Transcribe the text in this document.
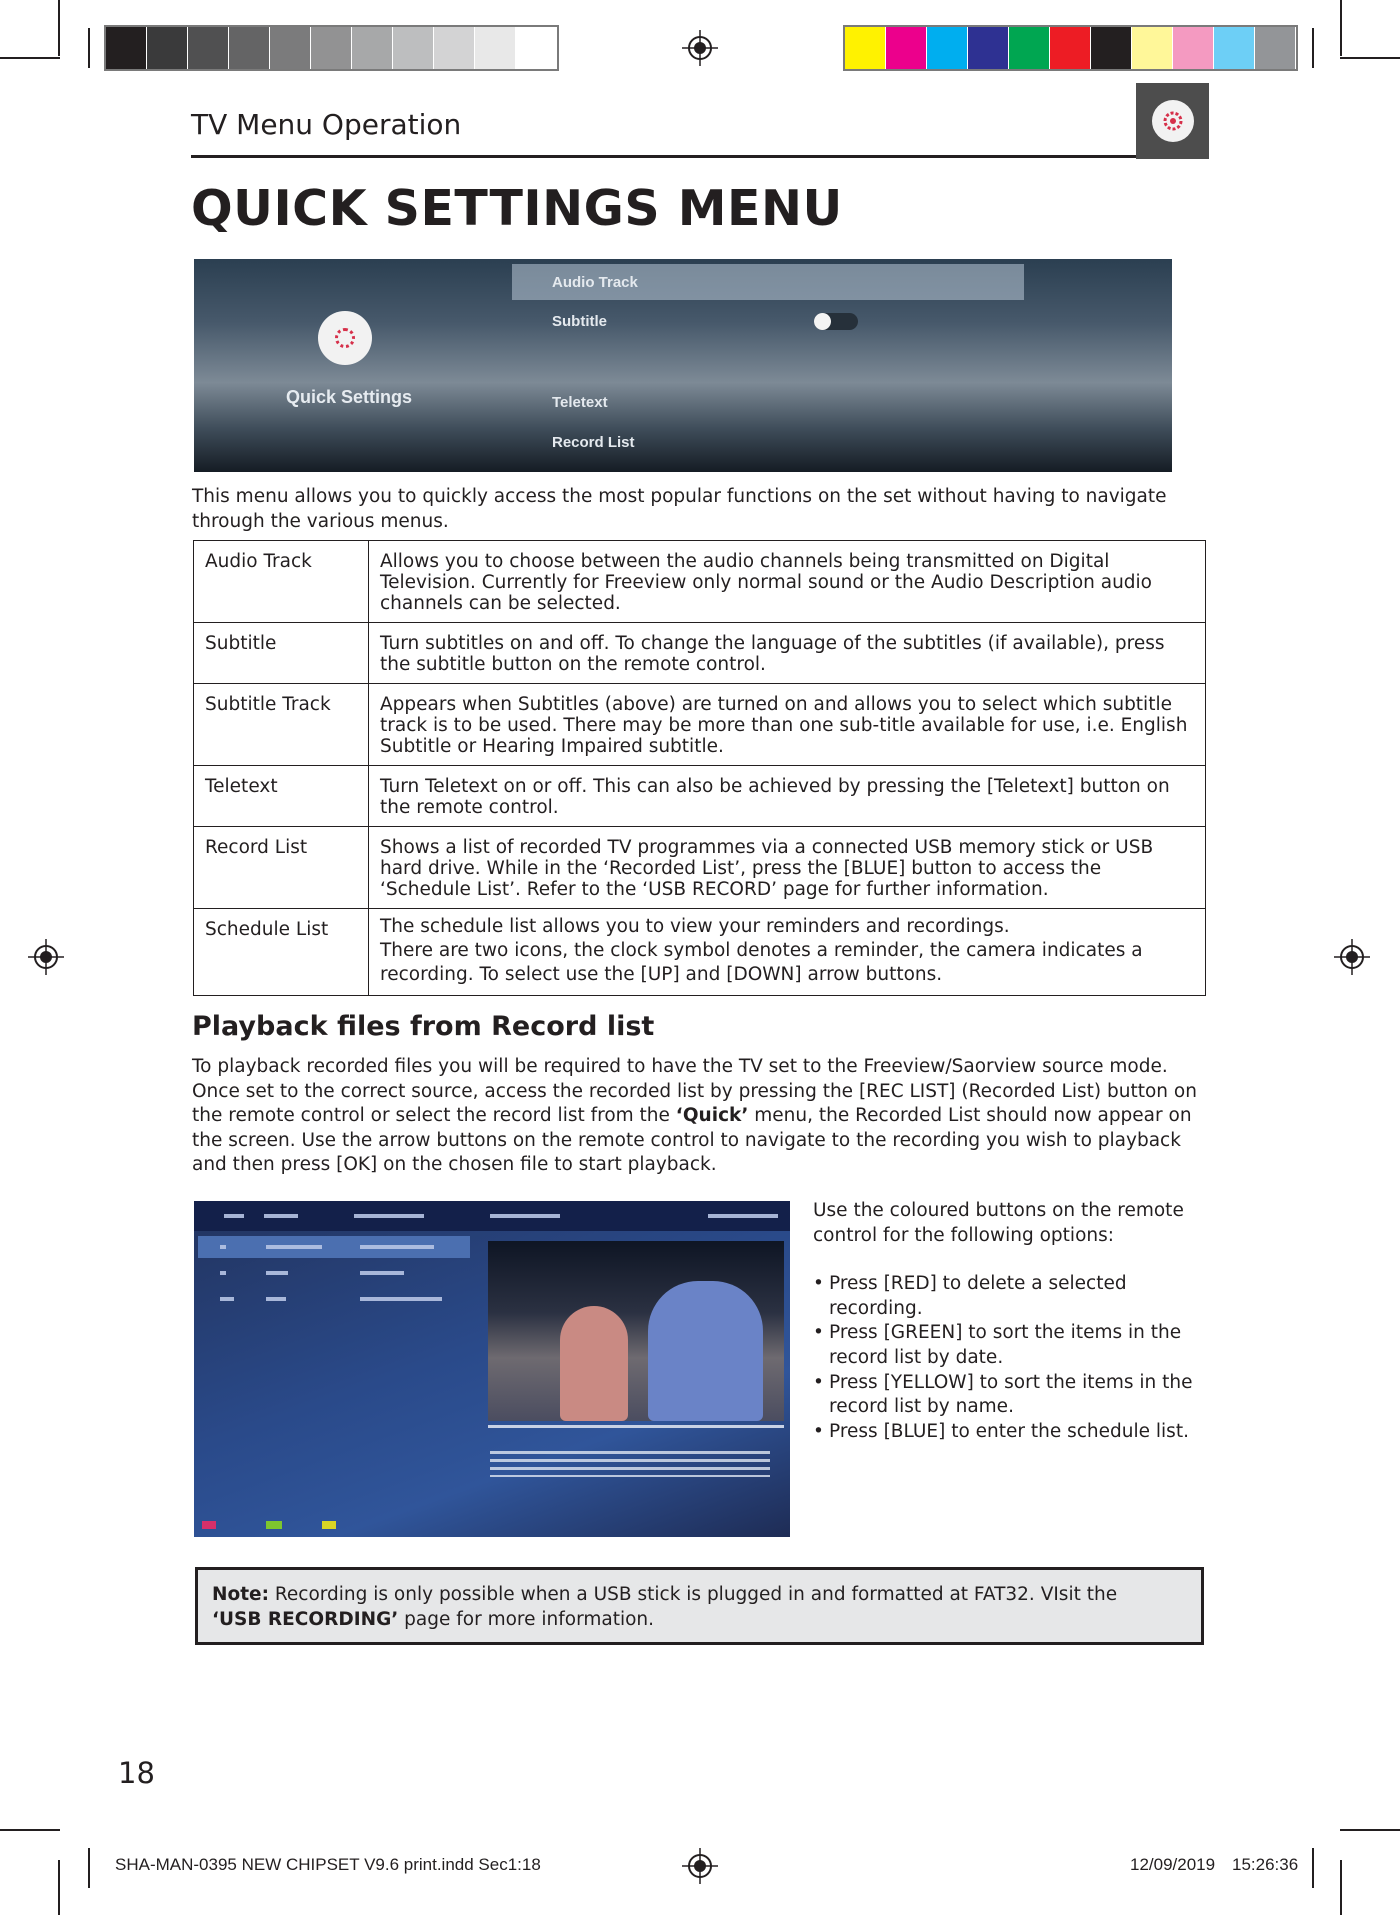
TV Menu Operation
QUICK SETTINGS MENU
Quick Settings
Audio Track
Subtitle
Teletext
Record List
This menu allows you to quickly access the most popular functions on the set without having to navigate through the various menus.
Audio Track	Allows you to choose between the audio channels being transmitted on Digital Television. Currently for Freeview only normal sound or the Audio Description audio channels can be selected.
Subtitle	Turn subtitles on and off. To change the language of the subtitles (if available), press the subtitle button on the remote control.
Subtitle Track	Appears when Subtitles (above) are turned on and allows you to select which subtitle track is to be used. There may be more than one sub-title available for use, i.e. English Subtitle or Hearing Impaired subtitle.
Teletext	Turn Teletext on or off. This can also be achieved by pressing the [Teletext] button on the remote control.
Record List	Shows a list of recorded TV programmes via a connected USB memory stick or USB hard drive. While in the ‘Recorded List’, press the [BLUE] button to access the ‘Schedule List’. Refer to the ‘USB RECORD’ page for further information.
Schedule List	The schedule list allows you to view your reminders and recordings.
There are two icons, the clock symbol denotes a reminder, the camera indicates a recording. To select use the [UP] and [DOWN] arrow buttons.
Playback files from Record list
To playback recorded files you will be required to have the TV set to the Freeview/Saorview source mode. Once set to the correct source, access the recorded list by pressing the [REC LIST] (Recorded List) button on the remote control or select the record list from the ‘Quick’ menu, the Recorded List should now appear on the screen. Use the arrow buttons on the remote control to navigate to the recording you wish to playback and then press [OK] on the chosen file to start playback.
Use the coloured buttons on the remote control for the following options:
• Press [RED] to delete a selected recording.
• Press [GREEN] to sort the items in the record list by date.
• Press [YELLOW] to sort the items in the record list by name.
• Press [BLUE] to enter the schedule list.
Note: Recording is only possible when a USB stick is plugged in and formatted at FAT32. VIsit the
‘USB RECORDING’ page for more information.
18
SHA-MAN-0395 NEW CHIPSET V9.6 print.indd Sec1:18	12/09/2019 15:26:36
